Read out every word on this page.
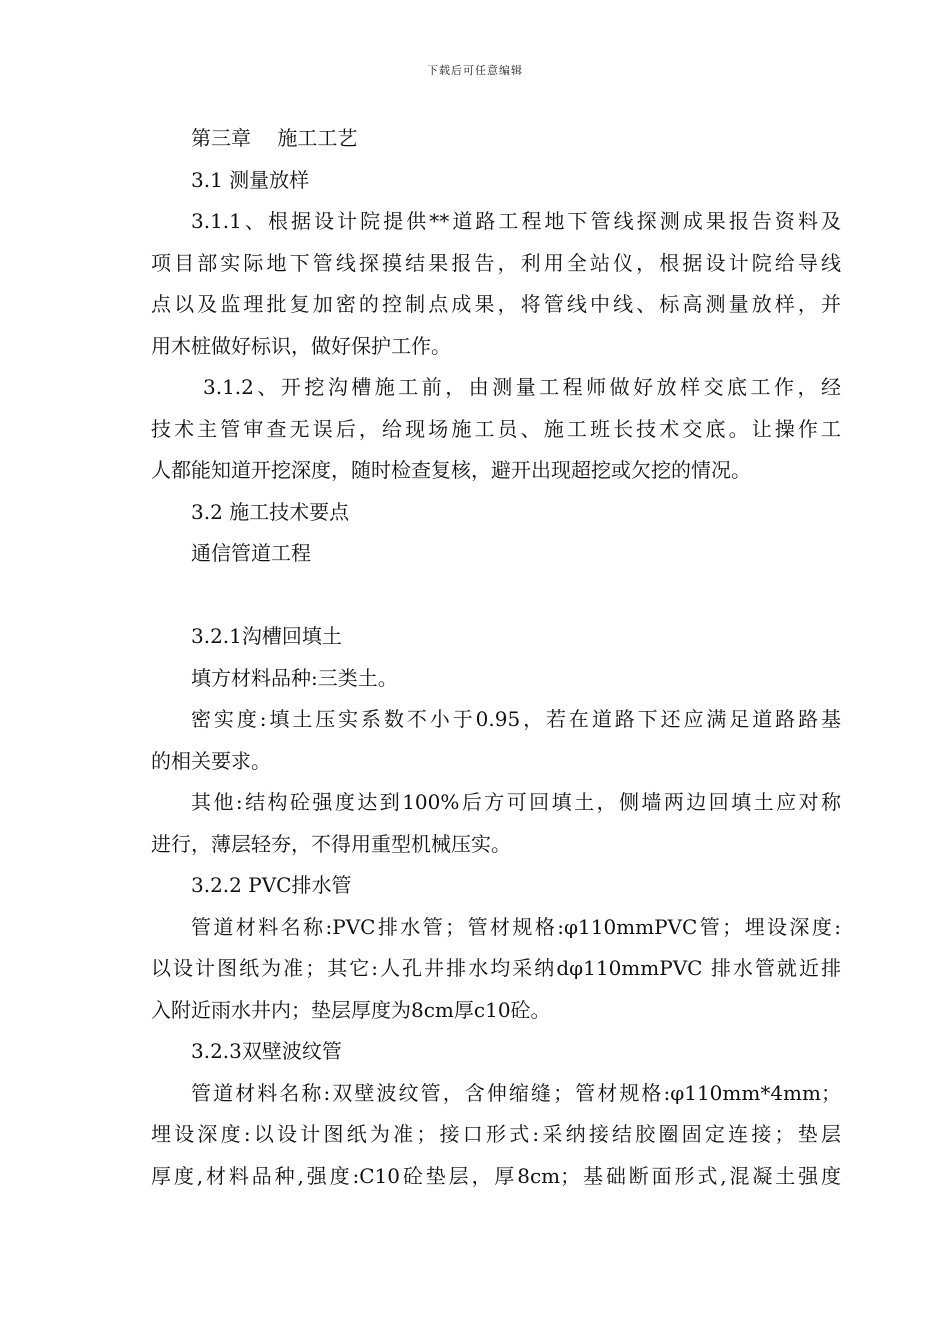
下载后可任意编辑
第三章　 施工工艺
3.1 测量放样
3.1.1、根据设计院提供**道路工程地下管线探测成果报告资料及
项目部实际地下管线探摸结果报告，利用全站仪，根据设计院给导线
点以及监理批复加密的控制点成果，将管线中线、标高测量放样，并
用木桩做好标识，做好保护工作。
3.1.2、开挖沟槽施工前，由测量工程师做好放样交底工作，经
技术主管审查无误后，给现场施工员、施工班长技术交底。让操作工
人都能知道开挖深度，随时检查复核，避开出现超挖或欠挖的情况。
3.2 施工技术要点
通信管道工程
3.2.1沟槽回填土
填方材料品种:三类土。
密实度:填土压实系数不小于0.95，若在道路下还应满足道路路基
的相关要求。
其他:结构砼强度达到100%后方可回填土，侧墙两边回填土应对称
进行，薄层轻夯，不得用重型机械压实。
3.2.2 PVC排水管
管道材料名称:PVC排水管；管材规格:φ110mmPVC管；埋设深度:
以设计图纸为准；其它:人孔井排水均采纳dφ110mmPVC 排水管就近排
入附近雨水井内；垫层厚度为8cm厚c10砼。
3.2.3双壁波纹管
管道材料名称:双壁波纹管，含伸缩缝；管材规格:φ110mm*4mm；
埋设深度:以设计图纸为准；接口形式:采纳接结胶圈固定连接；垫层
厚度,材料品种,强度:C10砼垫层，厚8cm；基础断面形式,混凝土强度
